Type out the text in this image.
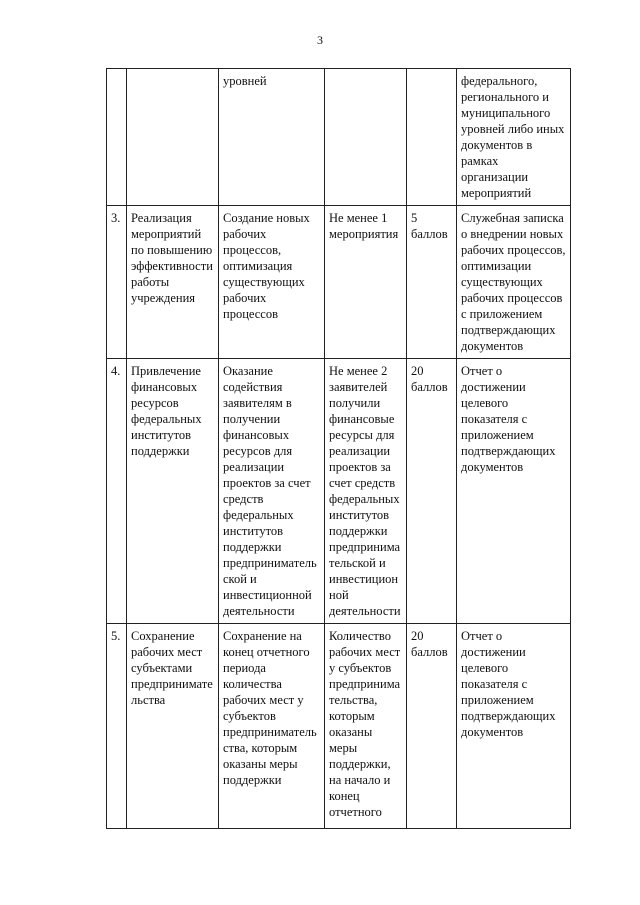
3
		уровней			федерального, регионального и муниципального уровней либо иных документов в рамках организации мероприятий
3.	Реализация мероприятий по повышению эффективности работы учреждения	Создание новых рабочих процессов, оптимизация существующих рабочих процессов	Не менее 1 мероприятия	5 баллов	Служебная записка о внедрении новых рабочих процессов, оптимизации существующих рабочих процессов с приложением подтверждающих документов
4.	Привлечение финансовых ресурсов федеральных институтов поддержки	Оказание содействия заявителям в получении финансовых ресурсов для реализации проектов за счет средств федеральных институтов поддержки предприниматель ской и инвестиционной деятельности	Не менее 2 заявителей получили финансовые ресурсы для реализации проектов за счет средств федеральных институтов поддержки предпринима тельской и инвестицион ной деятельности	20 баллов	Отчет о достижении целевого показателя с приложением подтверждающих документов
5.	Сохранение рабочих мест субъектами предпринимате льства	Сохранение на конец отчетного периода количества рабочих мест у субъектов предприниматель ства, которым оказаны меры поддержки	Количество рабочих мест у субъектов предпринима тельства, которым оказаны меры поддержки, на начало и конец отчетного	20 баллов	Отчет о достижении целевого показателя с приложением подтверждающих документов
